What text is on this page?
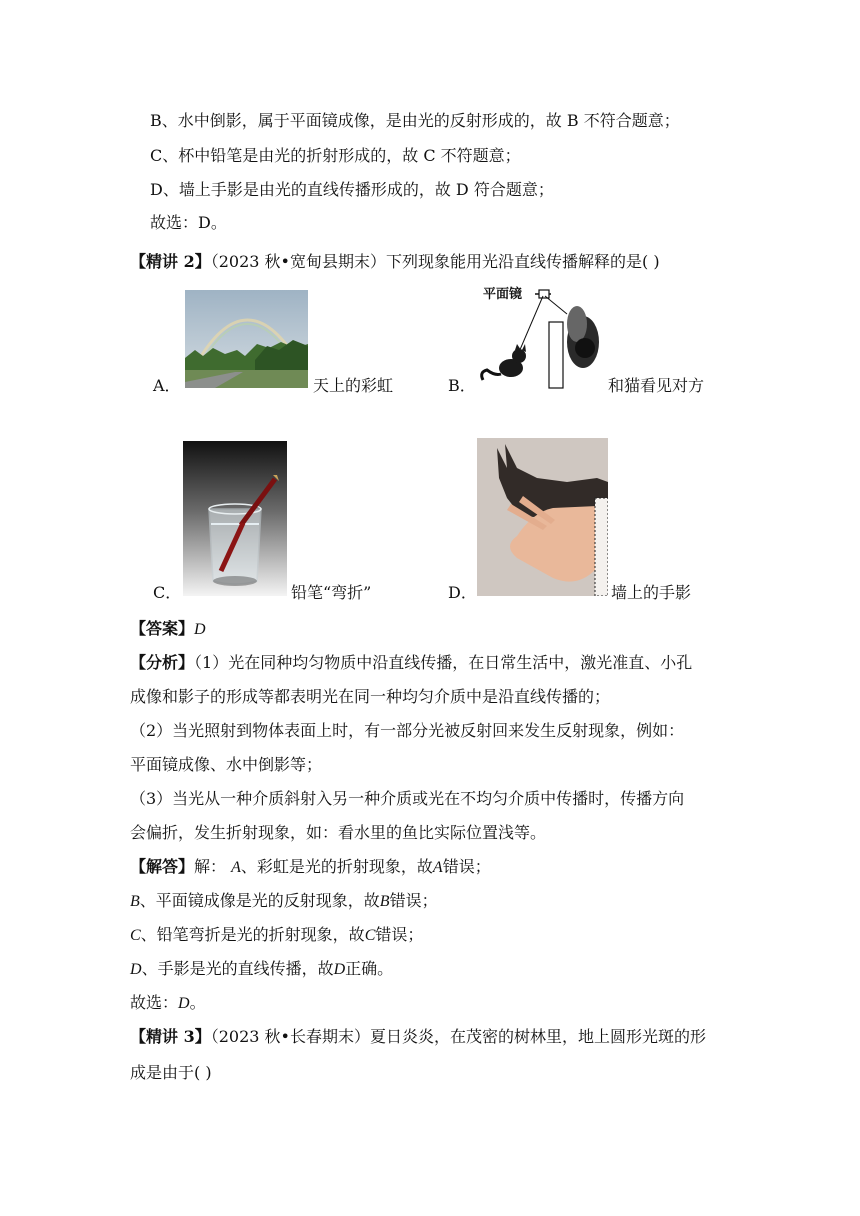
B、水中倒影，属于平面镜成像，是由光的反射形成的，故 B 不符合题意；
C、杯中铅笔是由光的折射形成的，故 C 不符题意；
D、墙上手影是由光的直线传播形成的，故 D 符合题意；
故选：D。
【精讲 2】（2023 秋•宽甸县期末）下列现象能用光沿直线传播解释的是( )
A．	天上的彩虹	B．
平面镜
和猫看见对方
C．	铅笔“弯折”	D．	墙上的手影
【答案】D
【分析】（1）光在同种均匀物质中沿直线传播，在日常生活中，激光准直、小孔
成像和影子的形成等都表明光在同一种均匀介质中是沿直线传播的；
（2）当光照射到物体表面上时，有一部分光被反射回来发生反射现象，例如：
平面镜成像、水中倒影等；
（3）当光从一种介质斜射入另一种介质或光在不均匀介质中传播时，传播方向
会偏折，发生折射现象，如：看水里的鱼比实际位置浅等。
【解答】解： A、彩虹是光的折射现象，故A错误；
B、平面镜成像是光的反射现象，故B错误；
C、铅笔弯折是光的折射现象，故C错误；
D、手影是光的直线传播，故D正确。
故选：D。
【精讲 3】（2023 秋•长春期末）夏日炎炎，在茂密的树林里，地上圆形光斑的形
成是由于( )
